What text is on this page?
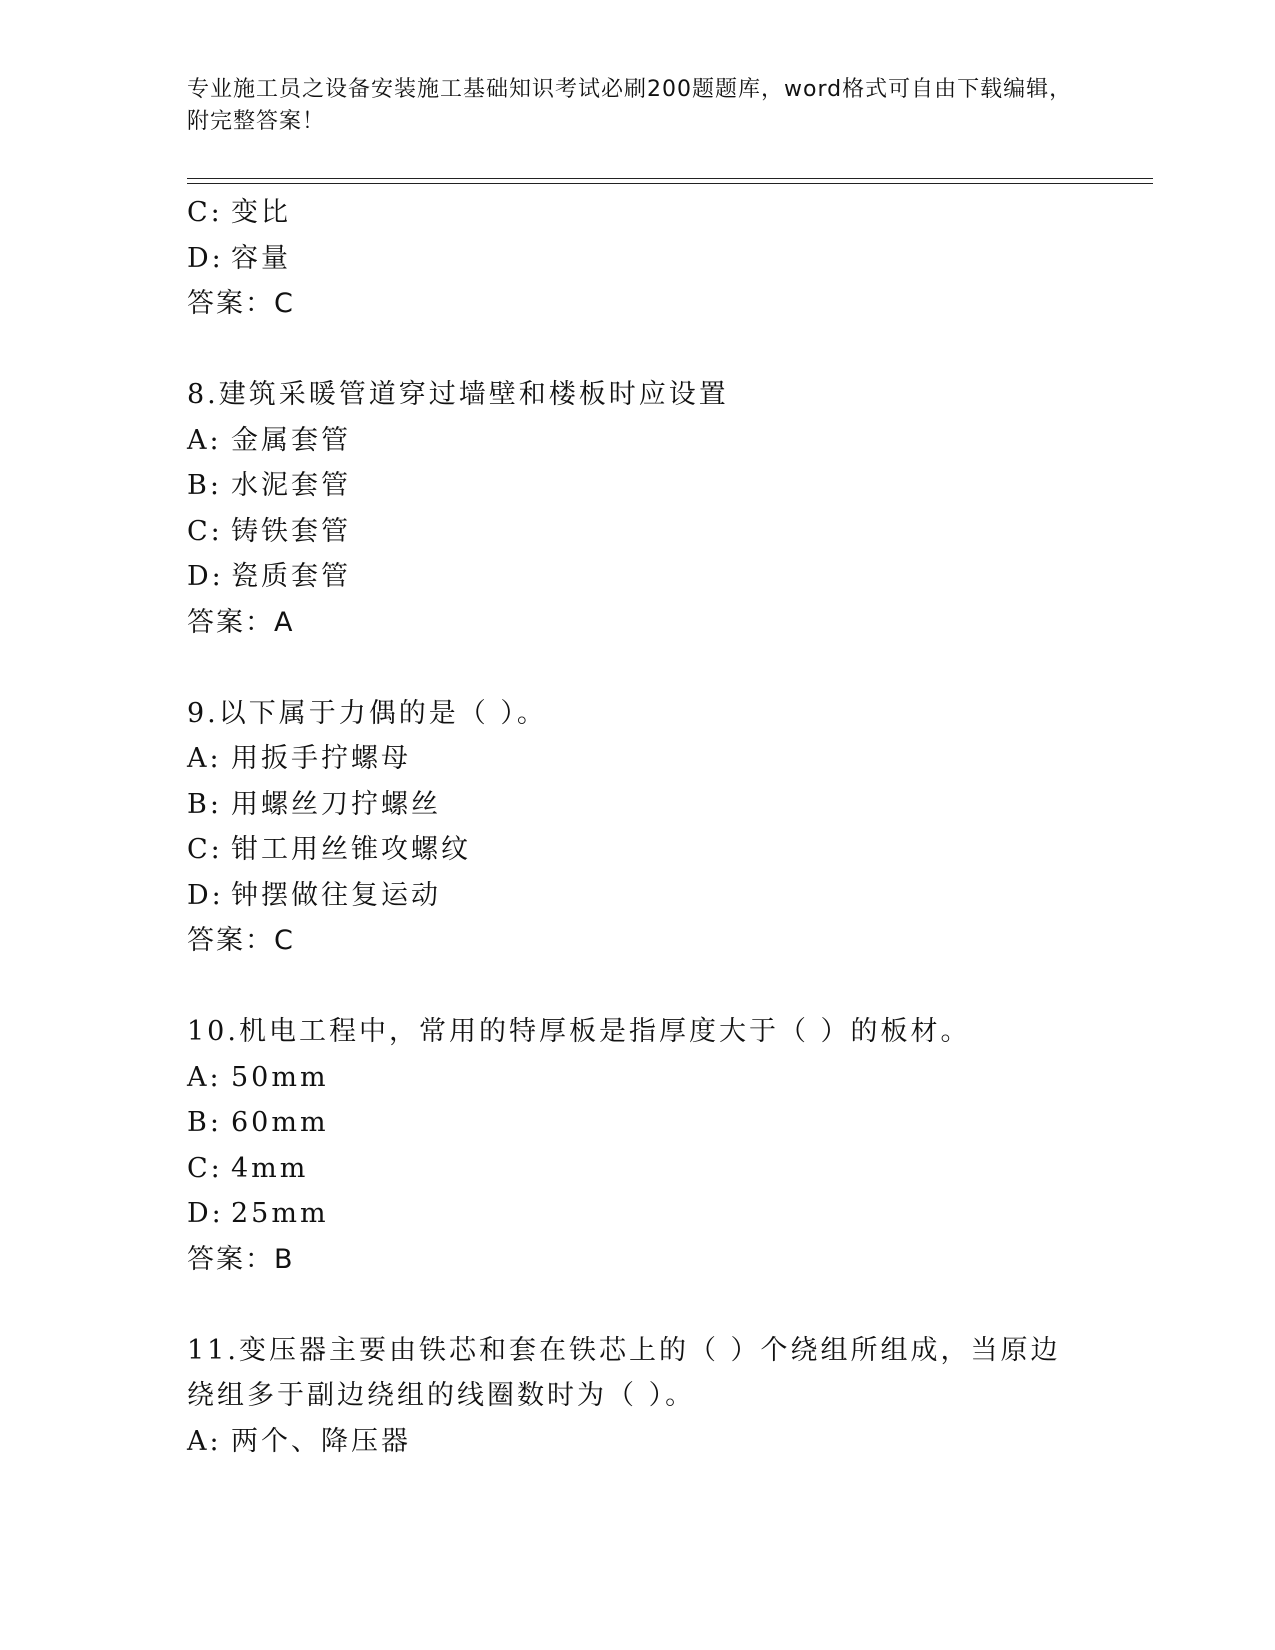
专业施工员之设备安装施工基础知识考试必刷200题题库，word格式可自由下载编辑，附完整答案！
C: 变比
D: 容量
答案：C
8.建筑采暖管道穿过墙壁和楼板时应设置
A: 金属套管
B: 水泥套管
C: 铸铁套管
D: 瓷质套管
答案：A
9.以下属于力偶的是（ ）。
A: 用扳手拧螺母
B: 用螺丝刀拧螺丝
C: 钳工用丝锥攻螺纹
D: 钟摆做往复运动
答案：C
10.机电工程中，常用的特厚板是指厚度大于（ ）的板材。
A: 50mm
B: 60mm
C: 4mm
D: 25mm
答案：B
11.变压器主要由铁芯和套在铁芯上的（ ）个绕组所组成，当原边绕组多于副边绕组的线圈数时为（ ）。
A: 两个、降压器
